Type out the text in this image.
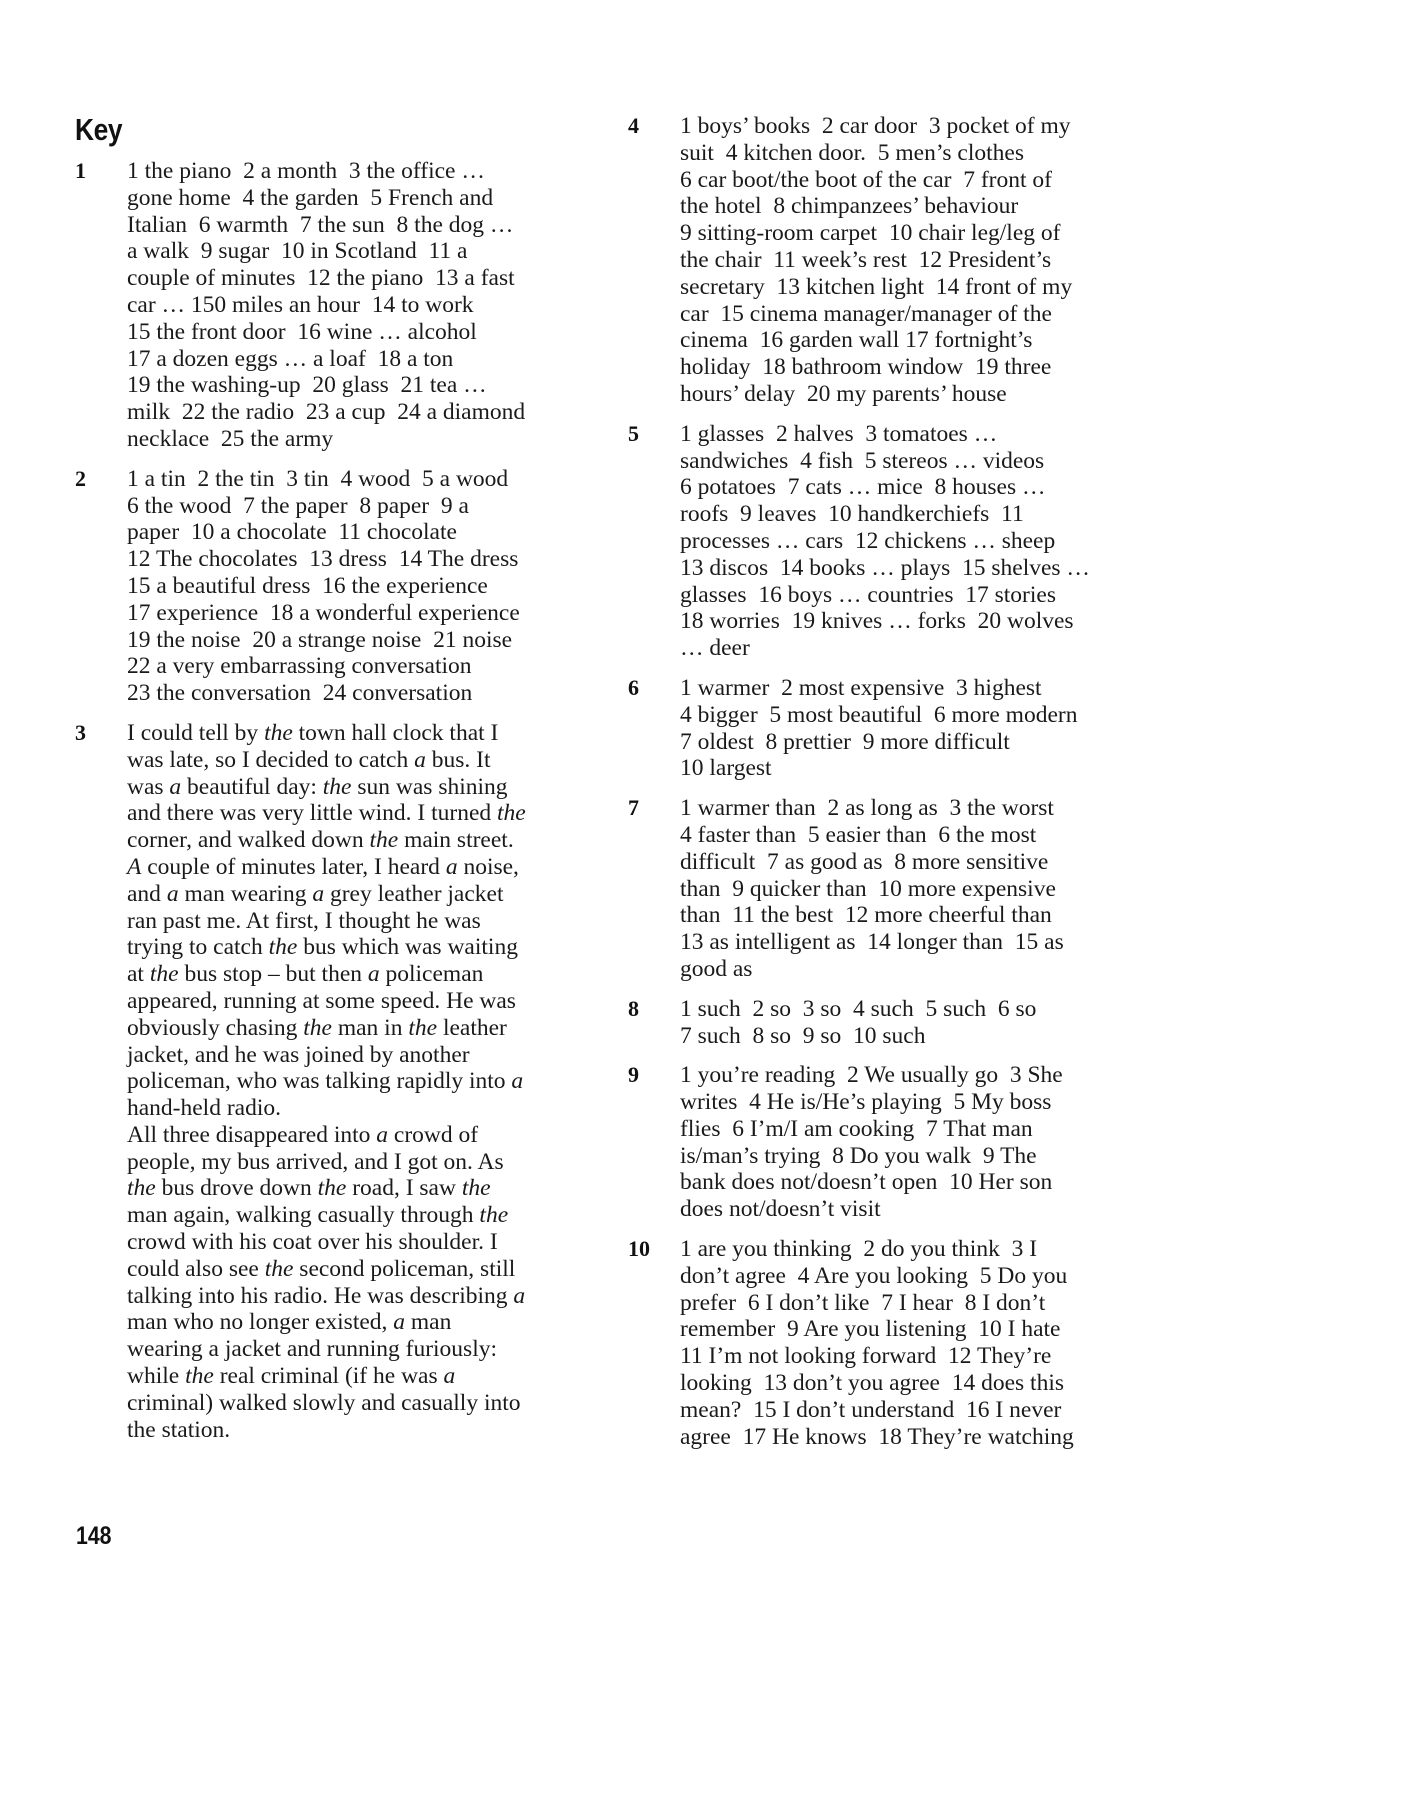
Key
1	1 the piano  2 a month  3 the office …
gone home  4 the garden  5 French and
Italian  6 warmth  7 the sun  8 the dog …
a walk  9 sugar  10 in Scotland  11 a
couple of minutes  12 the piano  13 a fast
car … 150 miles an hour  14 to work
15 the front door  16 wine … alcohol
17 a dozen eggs … a loaf  18 a ton
19 the washing-up  20 glass  21 tea …
milk  22 the radio  23 a cup  24 a diamond
necklace  25 the army
2	1 a tin  2 the tin  3 tin  4 wood  5 a wood
6 the wood  7 the paper  8 paper  9 a
paper  10 a chocolate  11 chocolate
12 The chocolates  13 dress  14 The dress
15 a beautiful dress  16 the experience
17 experience  18 a wonderful experience
19 the noise  20 a strange noise  21 noise
22 a very embarrassing conversation
23 the conversation  24 conversation
3	I could tell by the town hall clock that I
was late, so I decided to catch a bus. It
was a beautiful day: the sun was shining
and there was very little wind. I turned the
corner, and walked down the main street.
A couple of minutes later, I heard a noise,
and a man wearing a grey leather jacket
ran past me. At first, I thought he was
trying to catch the bus which was waiting
at the bus stop – but then a policeman
appeared, running at some speed. He was
obviously chasing the man in the leather
jacket, and he was joined by another
policeman, who was talking rapidly into a
hand-held radio.
All three disappeared into a crowd of
people, my bus arrived, and I got on. As
the bus drove down the road, I saw the
man again, walking casually through the
crowd with his coat over his shoulder. I
could also see the second policeman, still
talking into his radio. He was describing a
man who no longer existed, a man
wearing a jacket and running furiously:
while the real criminal (if he was a
criminal) walked slowly and casually into
the station.
4	1 boys’ books  2 car door  3 pocket of my
suit  4 kitchen door.  5 men’s clothes
6 car boot/the boot of the car  7 front of
the hotel  8 chimpanzees’ behaviour
9 sitting-room carpet  10 chair leg/leg of
the chair  11 week’s rest  12 President’s
secretary  13 kitchen light  14 front of my
car  15 cinema manager/manager of the
cinema  16 garden wall 17 fortnight’s
holiday  18 bathroom window  19 three
hours’ delay  20 my parents’ house
5	1 glasses  2 halves  3 tomatoes …
sandwiches  4 fish  5 stereos … videos
6 potatoes  7 cats … mice  8 houses …
roofs  9 leaves  10 handkerchiefs  11
processes … cars  12 chickens … sheep
13 discos  14 books … plays  15 shelves …
glasses  16 boys … countries  17 stories
18 worries  19 knives … forks  20 wolves
… deer
6	1 warmer  2 most expensive  3 highest
4 bigger  5 most beautiful  6 more modern
7 oldest  8 prettier  9 more difficult
10 largest
7	1 warmer than  2 as long as  3 the worst
4 faster than  5 easier than  6 the most
difficult  7 as good as  8 more sensitive
than  9 quicker than  10 more expensive
than  11 the best  12 more cheerful than
13 as intelligent as  14 longer than  15 as
good as
8	1 such  2 so  3 so  4 such  5 such  6 so
7 such  8 so  9 so  10 such
9	1 you’re reading  2 We usually go  3 She
writes  4 He is/He’s playing  5 My boss
flies  6 I’m/I am cooking  7 That man
is/man’s trying  8 Do you walk  9 The
bank does not/doesn’t open  10 Her son
does not/doesn’t visit
10	1 are you thinking  2 do you think  3 I
don’t agree  4 Are you looking  5 Do you
prefer  6 I don’t like  7 I hear  8 I don’t
remember  9 Are you listening  10 I hate
11 I’m not looking forward  12 They’re
looking  13 don’t you agree  14 does this
mean?  15 I don’t understand  16 I never
agree  17 He knows  18 They’re watching
148
